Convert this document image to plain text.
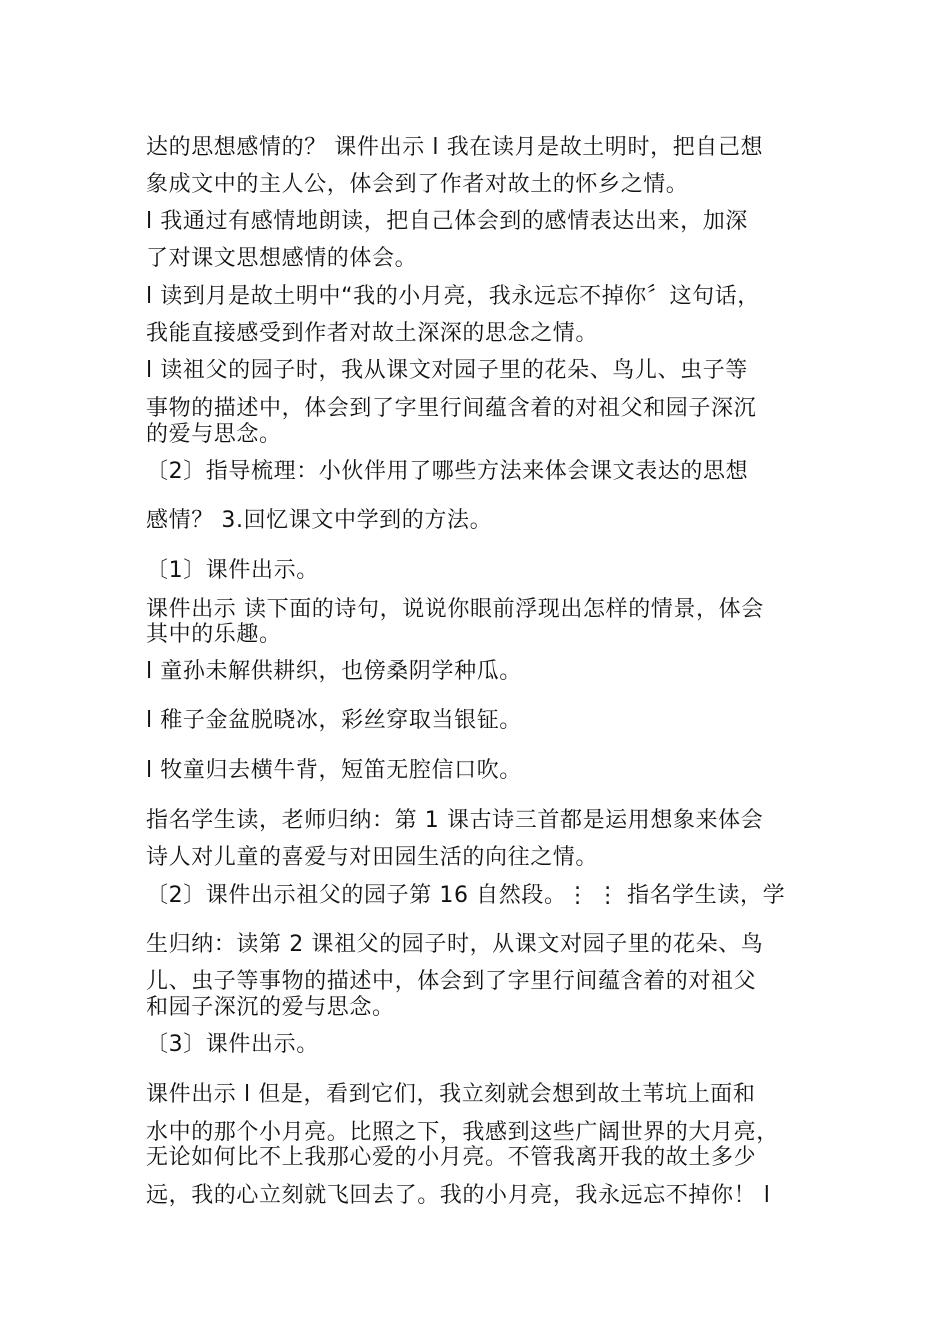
达的思想感情的？ 课件出示 l 我在读月是故土明时，把自己想

象成文中的主人公，体会到了作者对故土的怀乡之情。

l 我通过有感情地朗读，把自己体会到的感情表达出来，加深

了对课文思想感情的体会。

l 读到月是故土明中“我的小月亮，我永远忘不掉你〞这句话，

我能直接感受到作者对故土深深的思念之情。

l 读祖父的园子时，我从课文对园子里的花朵、鸟儿、虫子等

事物的描述中，体会到了字里行间蕴含着的对祖父和园子深沉

的爱与思念。

〔2〕指导梳理：小伙伴用了哪些方法来体会课文表达的思想

感情？ 3.回忆课文中学到的方法。

〔1〕课件出示。

课件出示 读下面的诗句，说说你眼前浮现出怎样的情景，体会

其中的乐趣。

l 童孙未解供耕织，也傍桑阴学种瓜。

l 稚子金盆脱晓冰，彩丝穿取当银钲。

l 牧童归去横牛背，短笛无腔信口吹。

指名学生读，老师归纳：第 1 课古诗三首都是运用想象来体会

诗人对儿童的喜爱与对田园生活的向往之情。

〔2〕课件出示祖父的园子第 16 自然段。⋮ ⋮ 指名学生读，学

生归纳：读第 2 课祖父的园子时，从课文对园子里的花朵、鸟

儿、虫子等事物的描述中，体会到了字里行间蕴含着的对祖父

和园子深沉的爱与思念。

〔3〕课件出示。

课件出示 l 但是，看到它们，我立刻就会想到故土苇坑上面和

水中的那个小月亮。比照之下，我感到这些广阔世界的大月亮，

无论如何比不上我那心爱的小月亮。不管我离开我的故土多少

远，我的心立刻就飞回去了。我的小月亮，我永远忘不掉你！ l
